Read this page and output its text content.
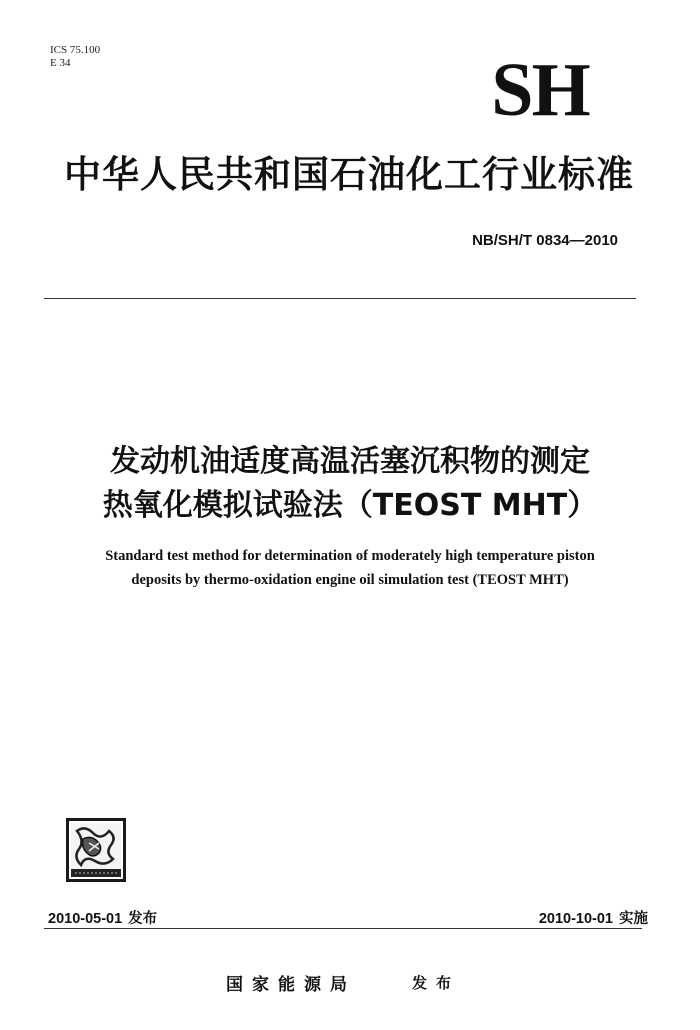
ICS 75.100
E 34	SH
中华人民共和国石油化工行业标准
NB/SH/T 0834—2010
发动机油适度高温活塞沉积物的测定
热氧化模拟试验法（TEOST MHT）
Standard test method for determination of moderately high temperature piston
deposits by thermo-oxidation engine oil simulation test (TEOST MHT)
2010-05-01 发布	2010-10-01 实施
国家能源局	发布
